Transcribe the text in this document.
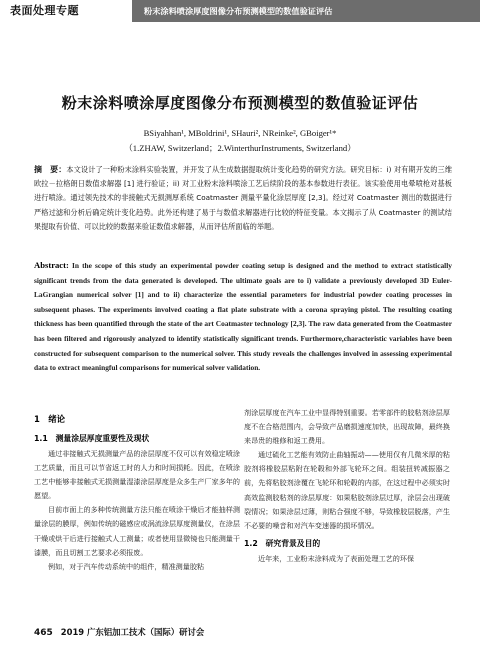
表面处理专题	粉末涂料喷涂厚度图像分布预测模型的数值验证评估
粉末涂料喷涂厚度图像分布预测模型的数值验证评估
BSiyahhan¹, MBoldrini¹, SHauri², NReinke², GBoiger¹*
（1.ZHAW, Switzerland；2.WinterthurInstruments, Switzerland）
摘　要：本文设计了一种粉末涂料实验装置，并开发了从生成数据提取统计变化趋势的研究方法。研究目标：i) 对有期开发的三维欧拉－拉格朗日数值求解器 [1] 进行验证；ii) 对工业粉末涂料喷涂工艺后续阶段的基本参数进行表征。该实验使用电晕喷枪对基板进行喷涂。通过领先技术的非接触式无损测厚系统 Coatmaster 测量平量化涂层厚度 [2,3]。经过对 Coatmaster 测出的数据进行严格过滤和分析后确定统计变化趋势。此外还构建了易于与数值求解器进行比较的特征变量。本文揭示了从 Coatmaster 的测试结果提取有价值、可以比较的数据来验证数值求解器，从而评估所面临的举题。
Abstract: In the scope of this study an experimental powder coating setup is designed and the method to extract statistically significant trends from the data generated is developed. The ultimate goals are to i) validate a previously developed 3D Euler-LaGrangian numerical solver [1] and to ii) characterize the essential parameters for industrial powder coating processes in subsequent phases. The experiments involved coating a flat plate substrate with a corona spraying pistol. The resulting coating thickness has been quantified through the state of the art Coatmaster technology [2,3]. The raw data generated from the Coatmaster has been filtered and rigorously analyzed to identify statistically significant trends. Furthermore,characteristic variables have been constructed for subsequent comparison to the numerical solver. This study reveals the challenges involved in assessing experimental data to extract meaningful comparisons for numerical solver validation.
1　绪论
1.1　测量涂层厚度重要性及现状

通过非接触式无损测量产品的涂层厚度不仅可以有效稳定喷涂工艺质量，而且可以节省返工时的人力和时间损耗。因此，在喷涂工艺中能够非接触式无损测量湿漆涂层厚度是众多生产厂家多年的愿望。

目前市面上的多种传统测量方法只能在喷涂干燥后才能抽样测量涂层的膜厚，例如传统的磁感应或涡流涂层厚度测量仪，在涂层干燥或烘干后进行接触式人工测量；或者使用显微镜也只能测量干漆膜，而且切割工艺要求必须报废。

例如，对于汽车传动系统中的组件，精准测量胶粘

剂涂层厚度在汽车工业中显得特别重要。若零部件的胶粘剂涂层厚度不在合格范围内，会导致产品磨损速度加快，出现故障，最终换来昂贵的维修和返工费用。

通过硫化工艺能有效防止曲轴振动——使用仅有几微米厚的粘胶剂将橡胶层粘附在轮毂和外部飞轮环之间。组装扭转减振器之前，先将粘胶剂涂覆在飞轮环和轮毂的内部，在这过程中必须实时高效监测胶粘剂的涂层厚度：如果粘胶剂涂层过厚，涂层会出现破裂情况；如果涂层过薄，则粘合强度不够，导致橡胶层脱落，产生不必要的噪音和对汽车变速器的损坏情况。

1.2　研究背景及目的

近年来，工业粉末涂料成为了表面处理工艺的环保

465 2019 广东铝加工技术（国际）研讨会
